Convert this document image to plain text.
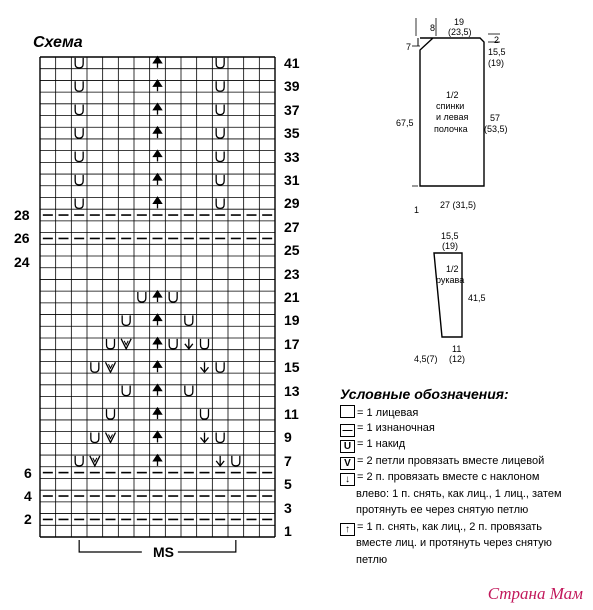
Схема
41
39
37
35
33
31
29
27
25
23
21
19
17
15
13
11
9
7
5
3
1
28
26
24
6
4
2
MS
1/2
спинки
и левая
полочка
8
19
(23,5)
7
2
15,5
(19)
67,5	57
(53,5)
1 27 (31,5)
1/2
рукава
15,5
(19)
41,5
4,5(7)
11
(12)
Условные обозначения:
= 1 лицевая
— = 1 изнаночная
U = 1 накид
V = 2 петли провязать вместе лицевой
↓ = 2 п. провязать вместе с наклоном
влево: 1 п. снять, как лиц., 1 лиц., затем
протянуть ее через снятую петлю
↑ = 1 п. снять, как лиц., 2 п. провязать
вместе лиц. и протянуть через снятую
петлю
Страна Мам
